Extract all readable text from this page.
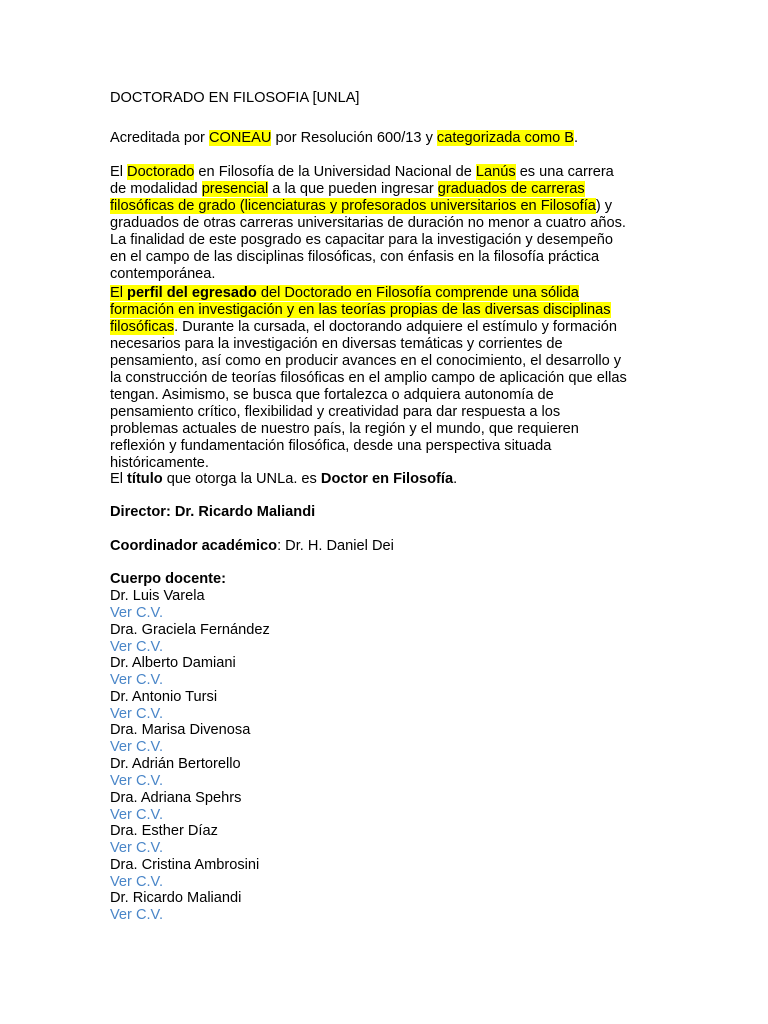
DOCTORADO EN FILOSOFIA [UNLA]
Acreditada por CONEAU por Resolución 600/13 y categorizada como B.
El Doctorado en Filosofía de la Universidad Nacional de Lanús es una carrera
de modalidad presencial a la que pueden ingresar graduados de carreras
filosóficas de grado (licenciaturas y profesorados universitarios en Filosofía) y
graduados de otras carreras universitarias de duración no menor a cuatro años.
La finalidad de este posgrado es capacitar para la investigación y desempeño
en el campo de las disciplinas filosóficas, con énfasis en la filosofía práctica
contemporánea.
El perfil del egresado del Doctorado en Filosofía comprende una sólida
formación en investigación y en las teorías propias de las diversas disciplinas
filosóficas. Durante la cursada, el doctorando adquiere el estímulo y formación
necesarios para la investigación en diversas temáticas y corrientes de
pensamiento, así como en producir avances en el conocimiento, el desarrollo y
la construcción de teorías filosóficas en el amplio campo de aplicación que ellas
tengan. Asimismo, se busca que fortalezca o adquiera autonomía de
pensamiento crítico, flexibilidad y creatividad para dar respuesta a los
problemas actuales de nuestro país, la región y el mundo, que requieren
reflexión y fundamentación filosófica, desde una perspectiva situada
históricamente.
El título que otorga la UNLa. es Doctor en Filosofía.
Director: Dr. Ricardo Maliandi
Coordinador académico: Dr. H. Daniel Dei
Cuerpo docente:
Dr. Luis Varela
Ver C.V.
Dra. Graciela Fernández
Ver C.V.
Dr. Alberto Damiani
Ver C.V.
Dr. Antonio Tursi
Ver C.V.
Dra. Marisa Divenosa
Ver C.V.
Dr. Adrián Bertorello
Ver C.V.
Dra. Adriana Spehrs
Ver C.V.
Dra. Esther Díaz
Ver C.V.
Dra. Cristina Ambrosini
Ver C.V.
Dr. Ricardo Maliandi
Ver C.V.
